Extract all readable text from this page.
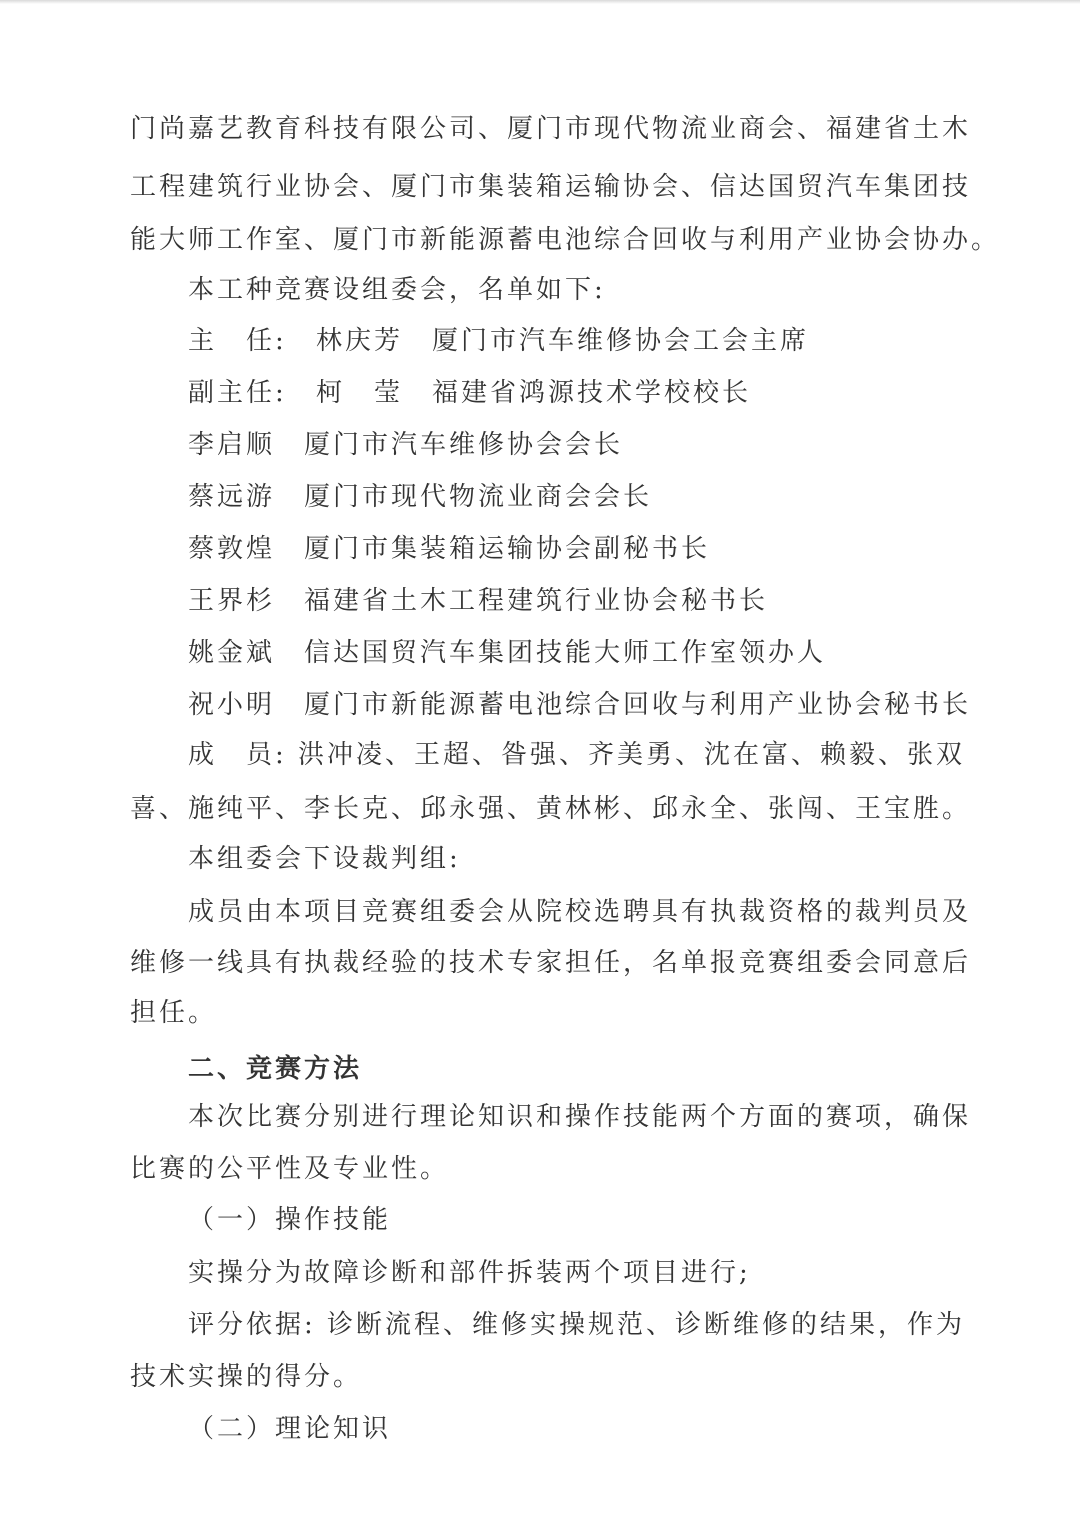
门尚嘉艺教育科技有限公司、厦门市现代物流业商会、福建省土木
工程建筑行业协会、厦门市集装箱运输协会、信达国贸汽车集团技
能大师工作室、厦门市新能源蓄电池综合回收与利用产业协会协办。
本工种竞赛设组委会，名单如下:
主　任: 林庆芳 厦门市汽车维修协会工会主席
副主任: 柯　莹 福建省鸿源技术学校校长
李启顺 厦门市汽车维修协会会长
蔡远游 厦门市现代物流业商会会长
蔡敦煌 厦门市集装箱运输协会副秘书长
王界杉 福建省土木工程建筑行业协会秘书长
姚金斌 信达国贸汽车集团技能大师工作室领办人
祝小明 厦门市新能源蓄电池综合回收与利用产业协会秘书长
成　员: 洪冲凌、王超、昝强、齐美勇、沈在富、赖毅、张双
喜、施纯平、李长克、邱永强、黄林彬、邱永全、张闯、王宝胜。
本组委会下设裁判组:
成员由本项目竞赛组委会从院校选聘具有执裁资格的裁判员及
维修一线具有执裁经验的技术专家担任，名单报竞赛组委会同意后
担任。
二、竞赛方法
本次比赛分别进行理论知识和操作技能两个方面的赛项，确保
比赛的公平性及专业性。
（一）操作技能
实操分为故障诊断和部件拆装两个项目进行;
评分依据: 诊断流程、维修实操规范、诊断维修的结果，作为
技术实操的得分。
（二）理论知识
